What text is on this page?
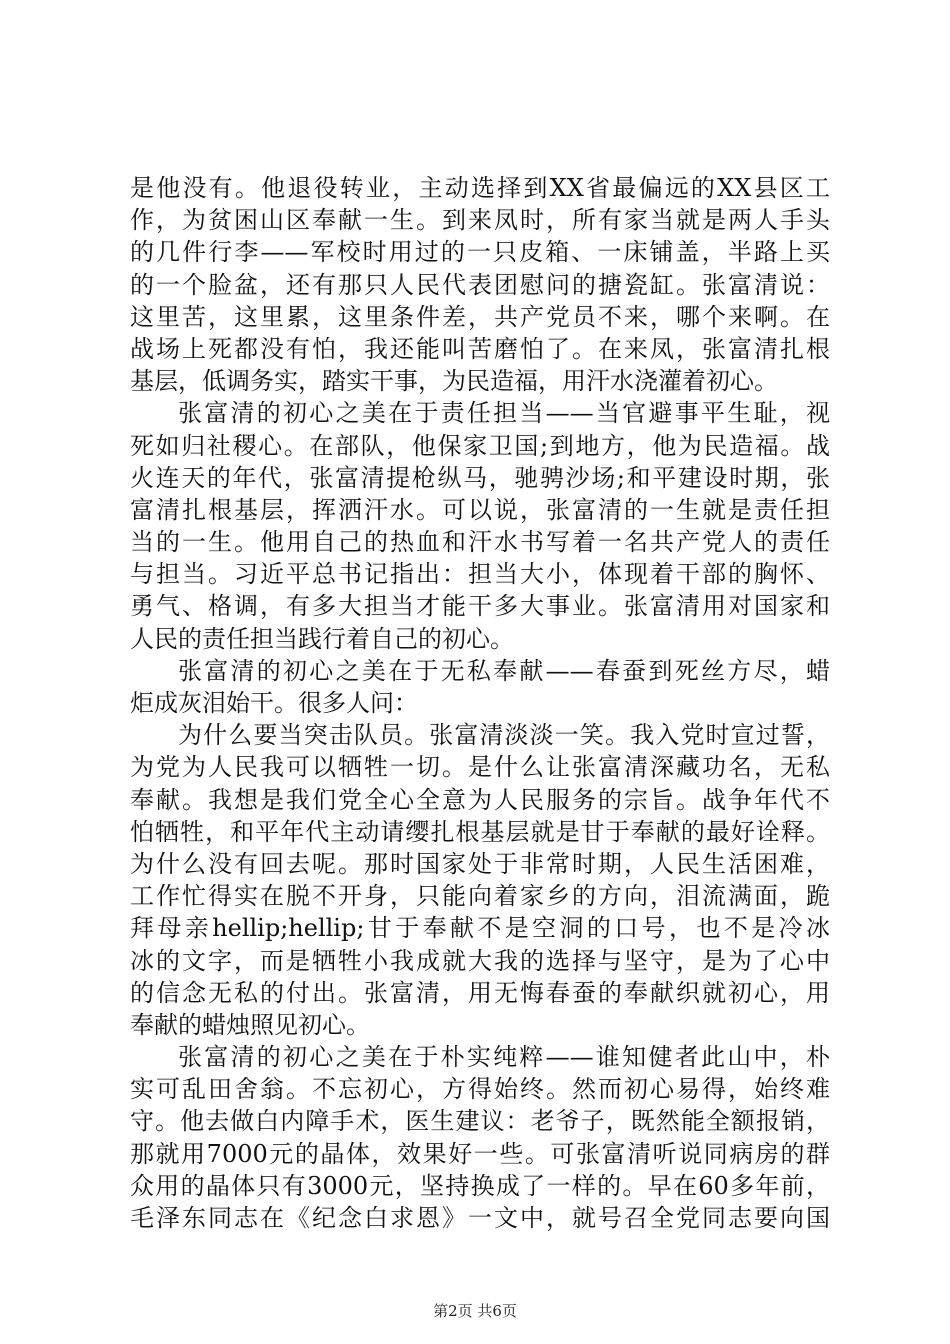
是他没有。他退役转业，主动选择到XX省最偏远的XX县区工
作，为贫困山区奉献一生。到来凤时，所有家当就是两人手头
的几件行李——军校时用过的一只皮箱、一床铺盖，半路上买
的一个脸盆，还有那只人民代表团慰问的搪瓷缸。张富清说：
这里苦，这里累，这里条件差，共产党员不来，哪个来啊。在
战场上死都没有怕，我还能叫苦磨怕了。在来凤，张富清扎根
基层，低调务实，踏实干事，为民造福，用汗水浇灌着初心。
张富清的初心之美在于责任担当——当官避事平生耻，视
死如归社稷心。在部队，他保家卫国;到地方，他为民造福。战
火连天的年代，张富清提枪纵马，驰骋沙场;和平建设时期，张
富清扎根基层，挥洒汗水。可以说，张富清的一生就是责任担
当的一生。他用自己的热血和汗水书写着一名共产党人的责任
与担当。习近平总书记指出：担当大小，体现着干部的胸怀、
勇气、格调，有多大担当才能干多大事业。张富清用对国家和
人民的责任担当践行着自己的初心。
张富清的初心之美在于无私奉献——春蚕到死丝方尽，蜡
炬成灰泪始干。很多人问：
为什么要当突击队员。张富清淡淡一笑。我入党时宣过誓，
为党为人民我可以牺牲一切。是什么让张富清深藏功名，无私
奉献。我想是我们党全心全意为人民服务的宗旨。战争年代不
怕牺牲，和平年代主动请缨扎根基层就是甘于奉献的最好诠释。
为什么没有回去呢。那时国家处于非常时期，人民生活困难，
工作忙得实在脱不开身，只能向着家乡的方向，泪流满面，跪
拜母亲hellip;hellip;甘于奉献不是空洞的口号，也不是冷冰
冰的文字，而是牺牲小我成就大我的选择与坚守，是为了心中
的信念无私的付出。张富清，用无悔春蚕的奉献织就初心，用
奉献的蜡烛照见初心。
张富清的初心之美在于朴实纯粹——谁知健者此山中，朴
实可乱田舍翁。不忘初心，方得始终。然而初心易得，始终难
守。他去做白内障手术，医生建议：老爷子，既然能全额报销，
那就用7000元的晶体，效果好一些。可张富清听说同病房的群
众用的晶体只有3000元，坚持换成了一样的。早在60多年前，
毛泽东同志在《纪念白求恩》一文中，就号召全党同志要向国
第2页 共6页
